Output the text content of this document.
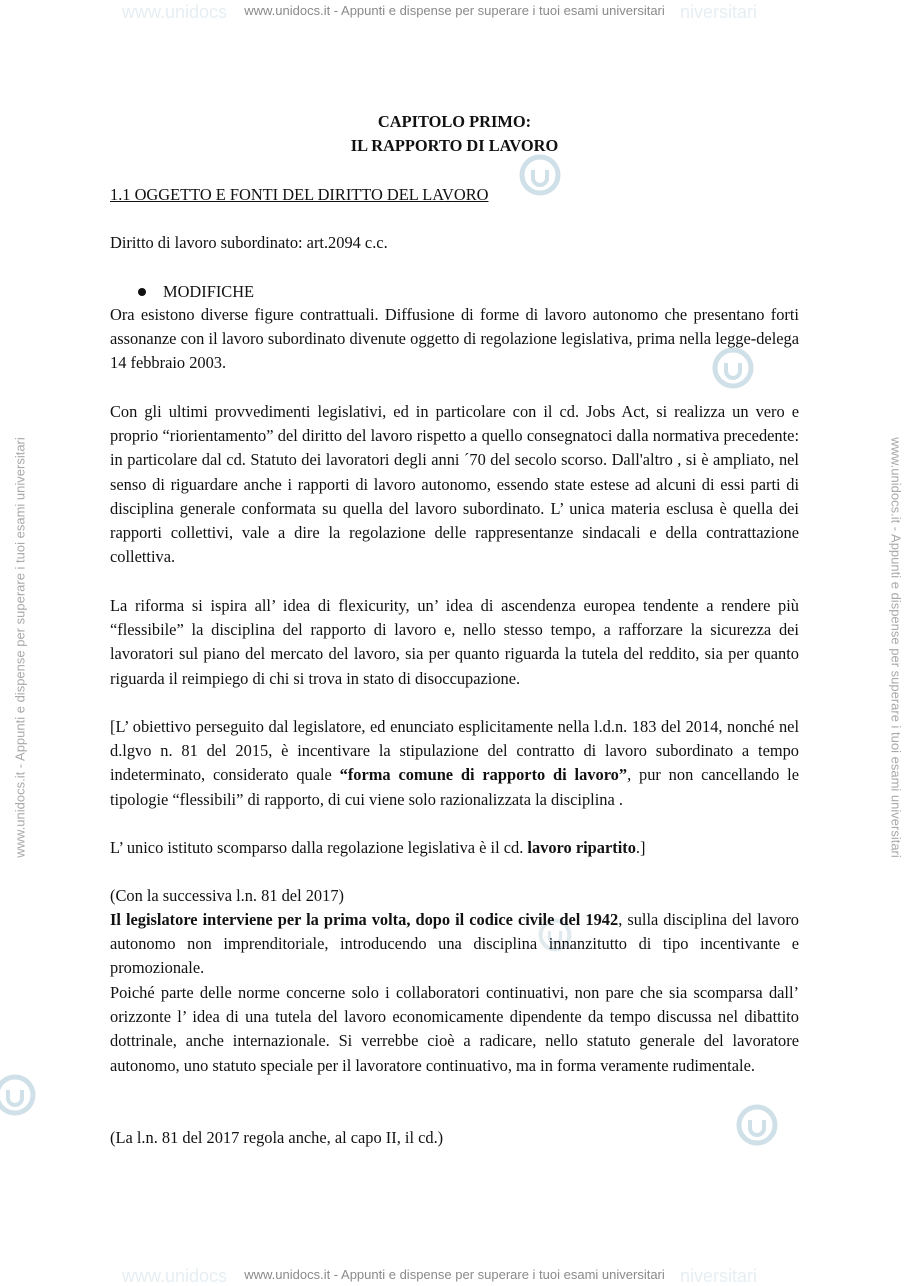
www.unidocs	niversitari
www.unidocs	niversitari
www.unidocs.it - Appunti e dispense per superare i tuoi esami universitari
www.unidocs.it - Appunti e dispense per superare i tuoi esami universitari
www.unidocs.it - Appunti e dispense per superare i tuoi esami universitari	www.unidocs.it - Appunti e dispense per superare i tuoi esami universitari
CAPITOLO PRIMO:
IL RAPPORTO DI LAVORO
1.1 OGGETTO E FONTI DEL DIRITTO DEL LAVORO
Diritto di lavoro subordinato: art.2094 c.c.
MODIFICHE

Ora esistono diverse figure contrattuali. Diffusione di forme di lavoro autonomo che presentano forti assonanze con il lavoro subordinato divenute oggetto di regolazione legislativa, prima nella legge-delega 14 febbraio 2003.

Con gli ultimi provvedimenti legislativi, ed in particolare con il cd. Jobs Act, si realizza un vero e proprio “riorientamento” del diritto del lavoro rispetto a quello consegnatoci dalla normativa precedente: in particolare dal cd. Statuto dei lavoratori degli anni ´70 del secolo scorso. Dall'altro , si è ampliato, nel senso di riguardare anche i rapporti di lavoro autonomo, essendo state estese ad alcuni di essi parti di disciplina generale conformata su quella del lavoro subordinato. L’ unica materia esclusa è quella dei rapporti collettivi, vale a dire la regolazione delle rappresentanze sindacali e della contrattazione collettiva.

La riforma si ispira all’ idea di flexicurity, un’ idea di ascendenza europea tendente a rendere più “flessibile” la disciplina del rapporto di lavoro e, nello stesso tempo, a rafforzare la sicurezza dei lavoratori sul piano del mercato del lavoro, sia per quanto riguarda la tutela del reddito, sia per quanto riguarda il reimpiego di chi si trova in stato di disoccupazione.

[L’ obiettivo perseguito dal legislatore, ed enunciato esplicitamente nella l.d.n. 183 del 2014, nonché nel d.lgvo n. 81 del 2015, è incentivare la stipulazione del contratto di lavoro subordinato a tempo indeterminato, considerato quale “forma comune di rapporto di lavoro”, pur non cancellando le tipologie “flessibili” di rapporto, di cui viene solo razionalizzata la disciplina .

L’ unico istituto scomparso dalla regolazione legislativa è il cd. lavoro ripartito.]

(Con la successiva l.n. 81 del 2017)

Il legislatore interviene per la prima volta, dopo il codice civile del 1942, sulla disciplina del lavoro autonomo non imprenditoriale, introducendo una disciplina innanzitutto di tipo incentivante e promozionale.

Poiché parte delle norme concerne solo i collaboratori continuativi, non pare che sia scomparsa dall’ orizzonte l’ idea di una tutela del lavoro economicamente dipendente da tempo discussa nel dibattito dottrinale, anche internazionale. Si verrebbe cioè a radicare, nello statuto generale del lavoratore autonomo, uno statuto speciale per il lavoratore continuativo, ma in forma veramente rudimentale.

(La l.n. 81 del 2017 regola anche, al capo II, il cd.)
